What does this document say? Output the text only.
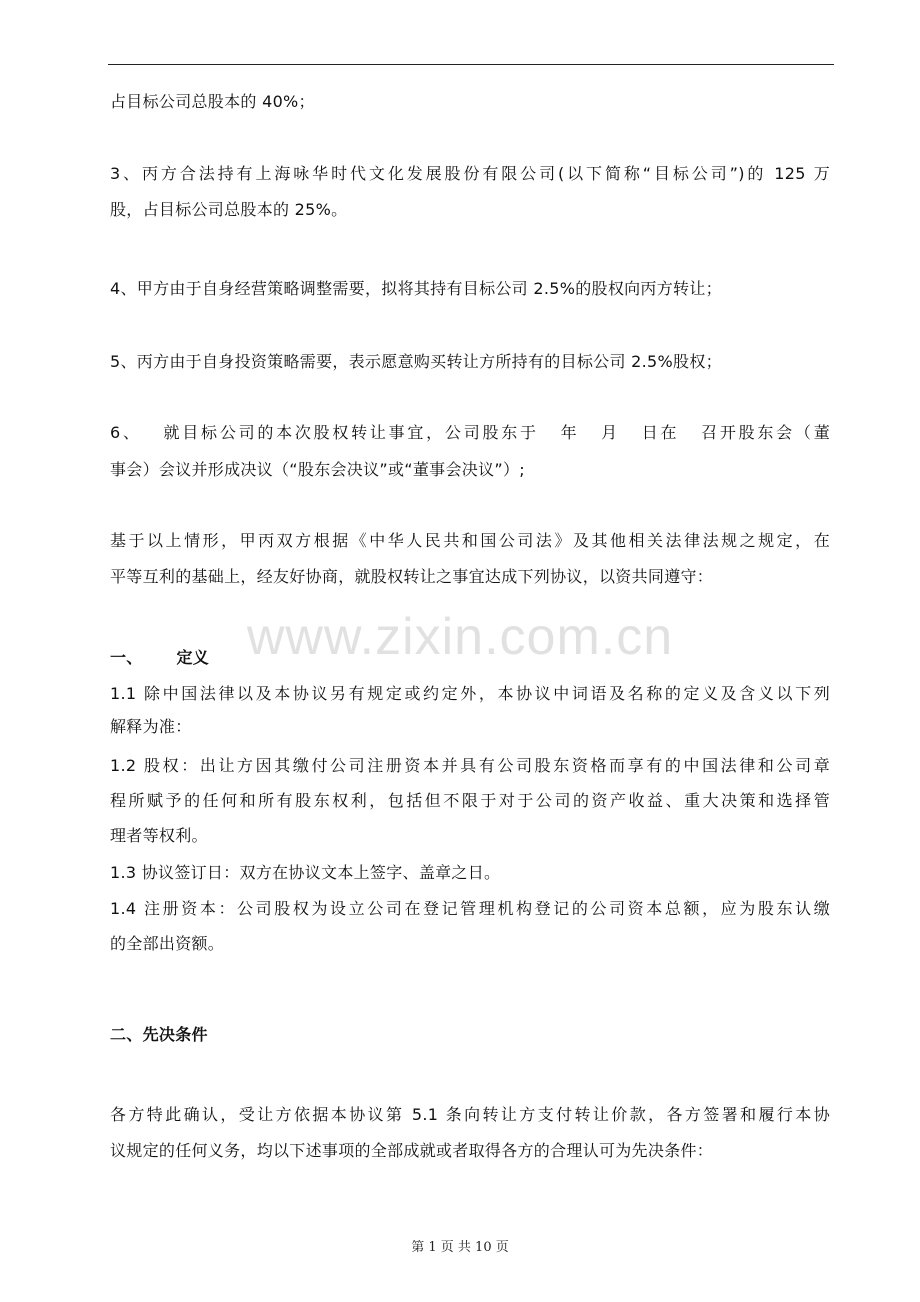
占目标公司总股本的 40%；
3、丙方合法持有上海咏华时代文化发展股份有限公司(以下简称“目标公司”)的 125 万
股，占目标公司总股本的 25%。
4、甲方由于自身经营策略调整需要，拟将其持有目标公司 2.5%的股权向丙方转让；
5、丙方由于自身投资策略需要，表示愿意购买转让方所持有的目标公司 2.5%股权；
6、 就目标公司的本次股权转让事宜，公司股东于 年 月 日在 召开股东会（董
事会）会议并形成决议（“股东会决议”或“董事会决议”）;
基于以上情形，甲丙双方根据《中华人民共和国公司法》及其他相关法律法规之规定，在
平等互利的基础上，经友好协商，就股权转让之事宜达成下列协议，以资共同遵守：
www.zixin.com.cn
一、 定义
1.1 除中国法律以及本协议另有规定或约定外，本协议中词语及名称的定义及含义以下列
解释为准：
1.2 股权：出让方因其缴付公司注册资本并具有公司股东资格而享有的中国法律和公司章
程所赋予的任何和所有股东权利，包括但不限于对于公司的资产收益、重大决策和选择管
理者等权利。
1.3 协议签订日：双方在协议文本上签字、盖章之日。
1.4 注册资本：公司股权为设立公司在登记管理机构登记的公司资本总额，应为股东认缴
的全部出资额。
二、先决条件
各方特此确认，受让方依据本协议第 5.1 条向转让方支付转让价款，各方签署和履行本协
议规定的任何义务，均以下述事项的全部成就或者取得各方的合理认可为先决条件：
第 1 页 共 10 页
